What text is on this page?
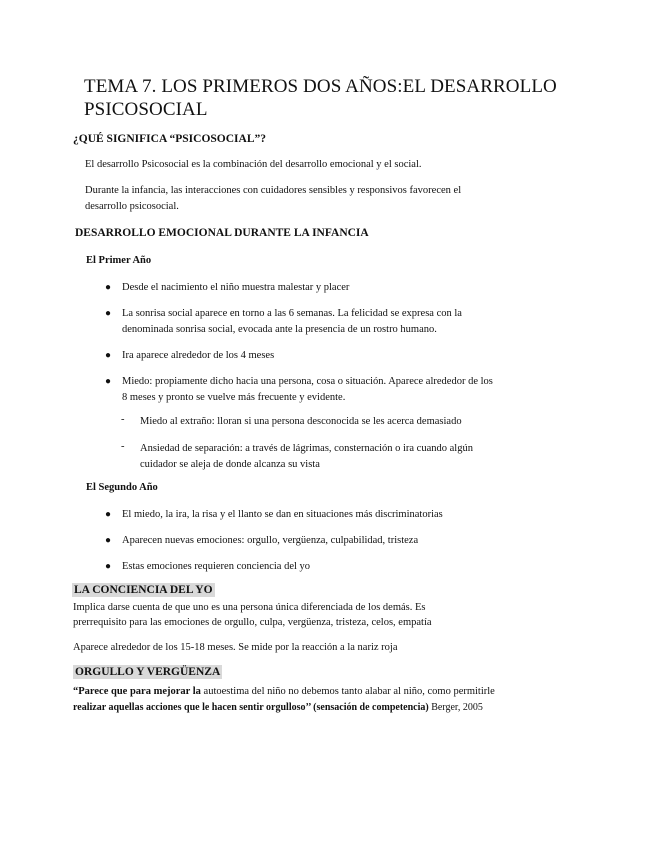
TEMA 7. LOS PRIMEROS DOS AÑOS:EL DESARROLLO
PSICOSOCIAL
¿QUÉ SIGNIFICA “PSICOSOCIAL”?
El desarrollo Psicosocial es la combinación del desarrollo emocional y el social.
Durante la infancia, las interacciones con cuidadores sensibles y responsivos favorecen el
desarrollo psicosocial.
DESARROLLO EMOCIONAL DURANTE LA INFANCIA
El Primer Año
● Desde el nacimiento el niño muestra malestar y placer
● La sonrisa social aparece en torno a las 6 semanas. La felicidad se expresa con la
denominada sonrisa social, evocada ante la presencia de un rostro humano.
● Ira aparece alrededor de los 4 meses
● Miedo: propiamente dicho hacia una persona, cosa o situación. Aparece alrededor de los
8 meses y pronto se vuelve más frecuente y evidente.
- Miedo al extraño: lloran si una persona desconocida se les acerca demasiado
- Ansiedad de separación: a través de lágrimas, consternación o ira cuando algún
cuidador se aleja de donde alcanza su vista
El Segundo Año
● El miedo, la ira, la risa y el llanto se dan en situaciones más discriminatorias
● Aparecen nuevas emociones: orgullo, vergüenza, culpabilidad, tristeza
● Estas emociones requieren conciencia del yo
LA CONCIENCIA DEL YO
Implica darse cuenta de que uno es una persona única diferenciada de los demás. Es
prerrequisito para las emociones de orgullo, culpa, vergüenza, tristeza, celos, empatía
Aparece alrededor de los 15-18 meses. Se mide por la reacción a la nariz roja
ORGULLO Y VERGÜENZA
“Parece que para mejorar la autoestima del niño no debemos tanto alabar al niño, como permitirle
realizar aquellas acciones que le hacen sentir orgulloso’’ (sensación de competencia) Berger, 2005
